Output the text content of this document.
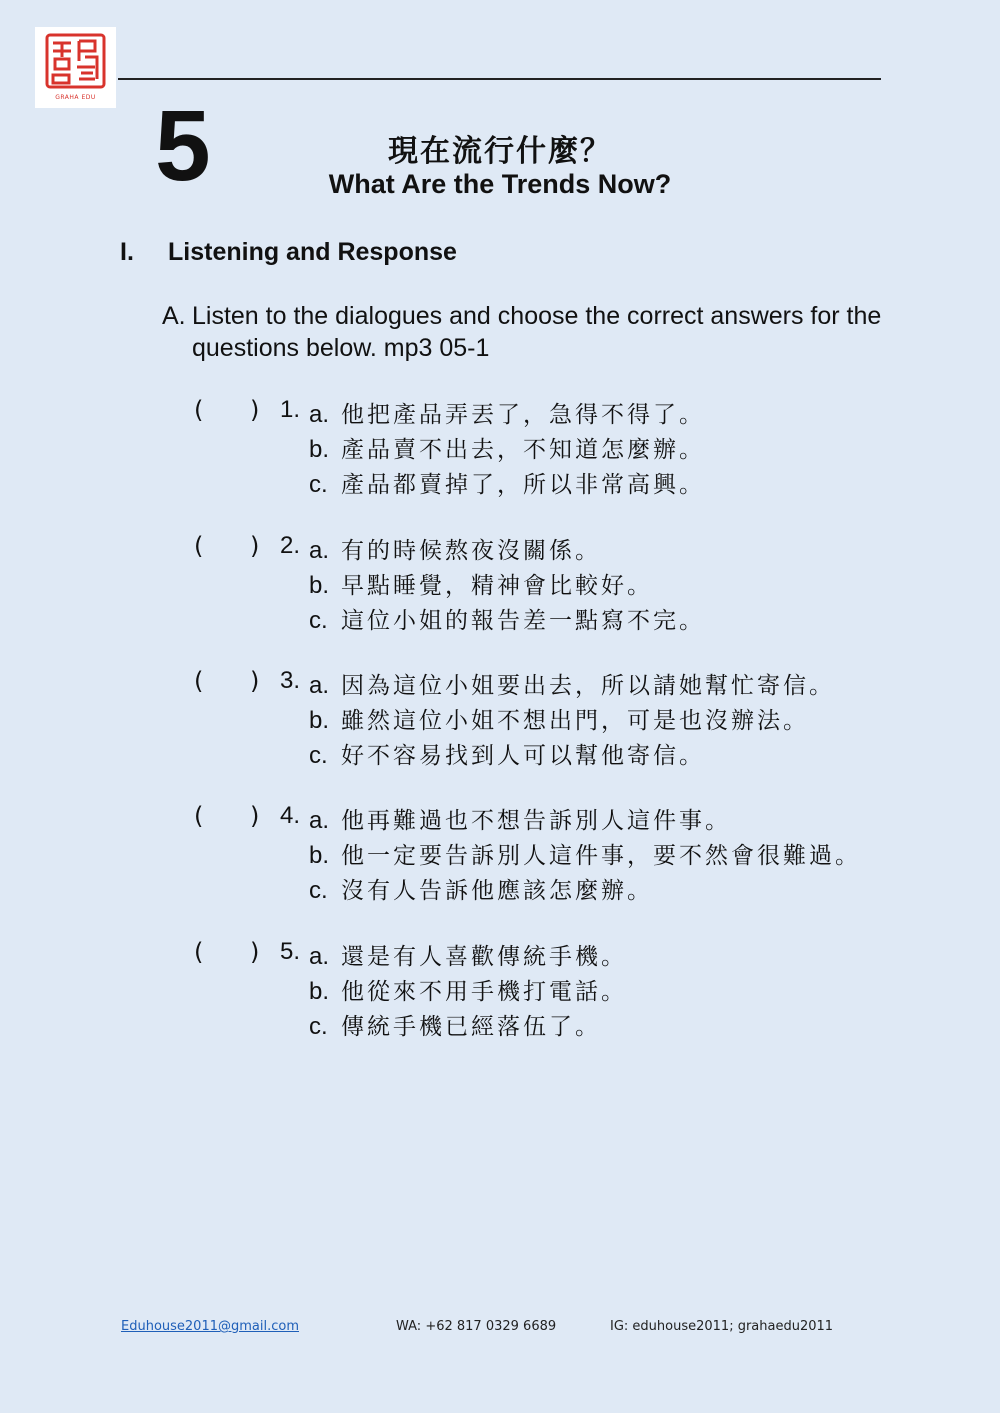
GRAHA EDU 5	現在流行什麼？
What Are the Trends Now?
I. Listening and Response
A. Listen to the dialogues and choose the correct answers for the questions below. mp3 05-1
( ) 1. a. 他把產品弄丟了，急得不得了。
b. 產品賣不出去，不知道怎麼辦。
c. 產品都賣掉了，所以非常高興。
( ) 2. a. 有的時候熬夜沒關係。
b. 早點睡覺，精神會比較好。
c. 這位小姐的報告差一點寫不完。
( ) 3. a. 因為這位小姐要出去，所以請她幫忙寄信。
b. 雖然這位小姐不想出門，可是也沒辦法。
c. 好不容易找到人可以幫他寄信。
( ) 4. a. 他再難過也不想告訴別人這件事。
b. 他一定要告訴別人這件事，要不然會很難過。
c. 沒有人告訴他應該怎麼辦。
( ) 5. a. 還是有人喜歡傳統手機。
b. 他從來不用手機打電話。
c. 傳統手機已經落伍了。
Eduhouse2011@gmail.com	WA: +62 817 0329 6689	IG: eduhouse2011; grahaedu2011
